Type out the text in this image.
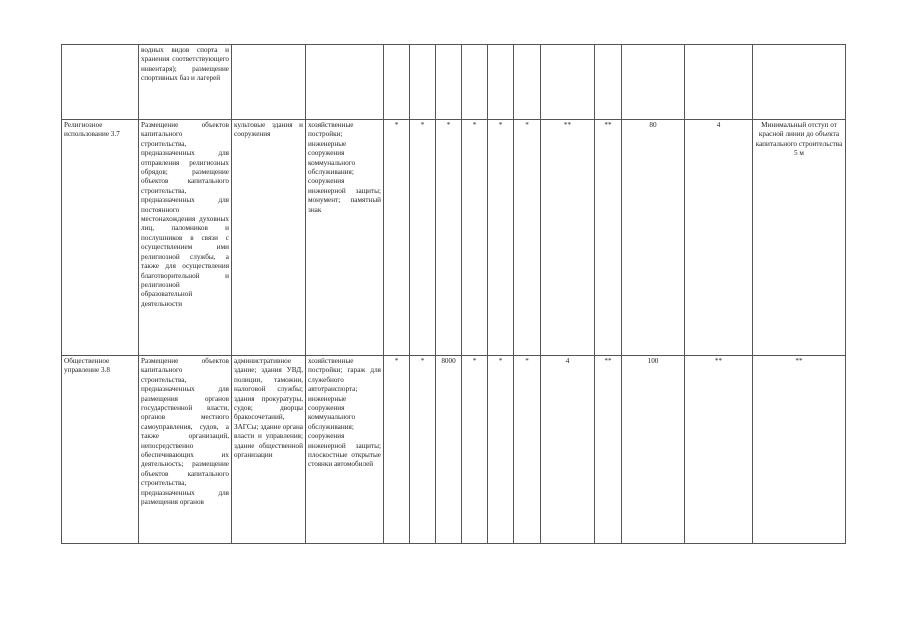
	водных видов спорта и хранения соответствующего инвентаря); размещение спортивных баз и лагерей													

Религиозное использование 3.7	Размещение объектов капитального строительства, предназначенных для отправления религиозных обрядов; размещение объектов капитального строительства, предназначенных для постоянного местонахождения духовных лиц, паломников и послушников в связи с осуществлением ими религиозной службы, а также для осуществления благотворительной и религиозной образовательной деятельности	культовые здания и сооружения	хозяйственные постройки; инженерные сооружения коммунального обслуживания; сооружения инженерной защиты; монумент; памятный знак	*	*	*	*	*	*	**	**	80	4	Минимальный отступ от красной линии до объекта капитального строительства 5 м

Общественное управление 3.8	Размещение объектов капитального строительства, предназначенных для размещения органов государственной власти, органов местного самоуправления, судов, а также организаций, непосредственно обеспечивающих их деятельность; размещение объектов капитального строительства, предназначенных для размещения органов	административное здание; здания УВД, полиции, таможни, налоговой службы; здания прокуратуры, судов; дворцы бракосочетаний, ЗАГСы; здание органа власти и управления; здание общественной организации	хозяйственные постройки; гараж для служебного автотранспорта; инженерные сооружения коммунального обслуживания; сооружения инженерной защиты; плоскостные открытые стоянки автомобилей	*	*	8000	*	*	*	4	**	100	**	**
